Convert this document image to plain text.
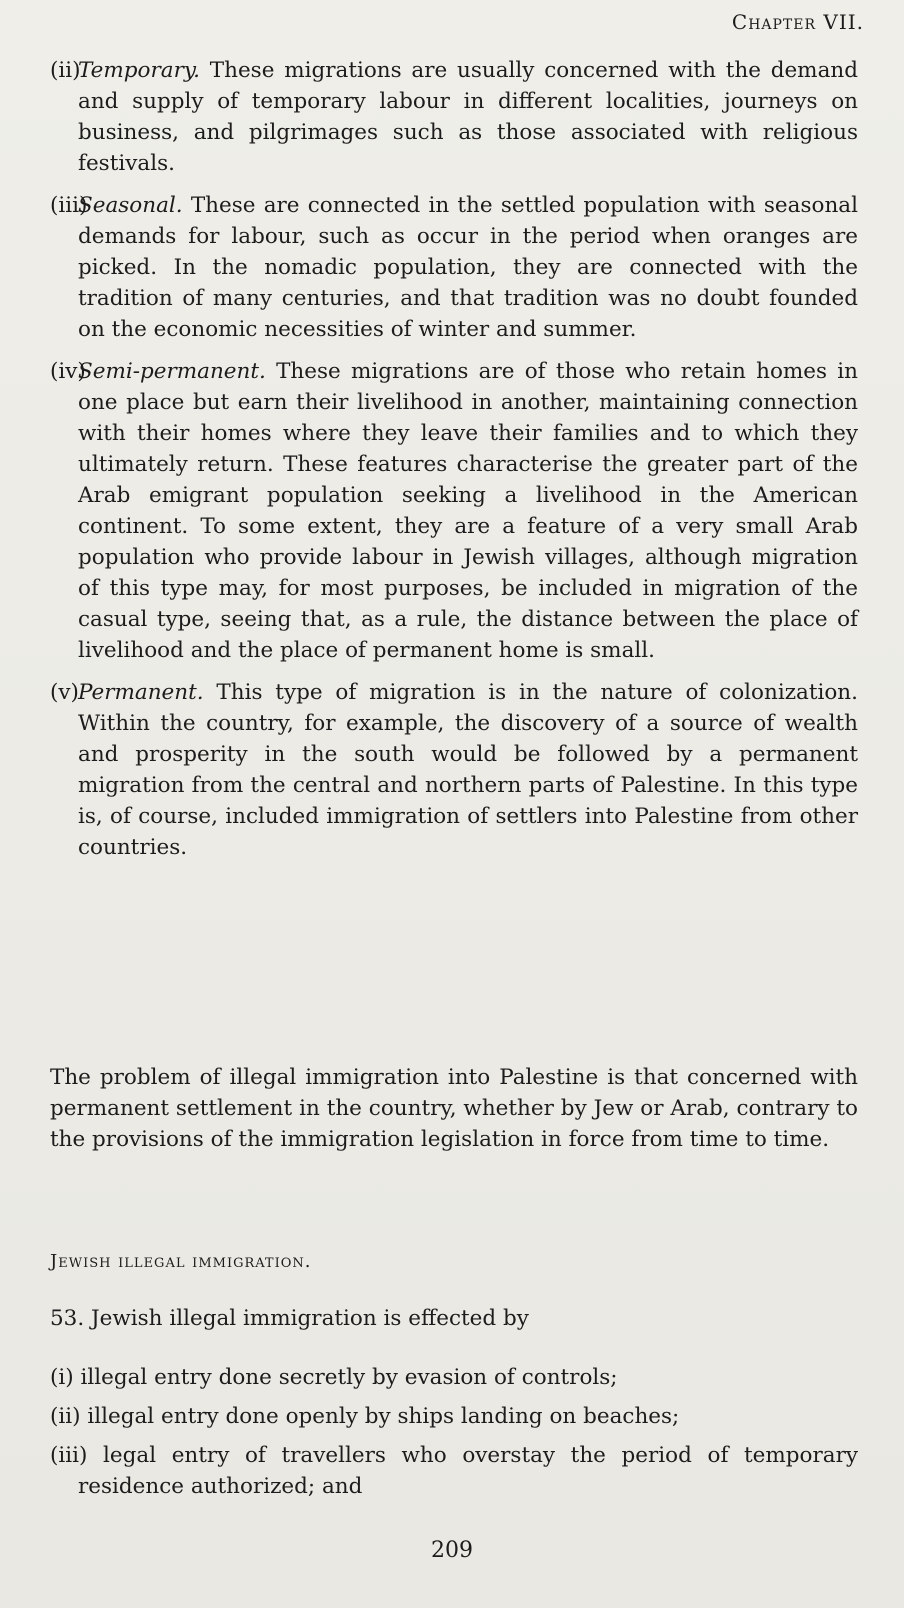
Chapter VII.
(ii)
Temporary. These migrations are usually concerned with the demand and supply of temporary labour in different localities, journeys on business, and pilgrimages such as those associated with religious festivals.
(iii)
Seasonal. These are connected in the settled population with seasonal demands for labour, such as occur in the period when oranges are picked. In the nomadic population, they are connected with the tradition of many centuries, and that tradition was no doubt founded on the economic necessities of winter and summer.
(iv)
Semi-permanent. These migrations are of those who retain homes in one place but earn their livelihood in another, maintaining connection with their homes where they leave their families and to which they ultimately return. These features characterise the greater part of the Arab emigrant population seeking a livelihood in the American continent. To some extent, they are a feature of a very small Arab population who provide labour in Jewish villages, although migration of this type may, for most purposes, be included in migration of the casual type, seeing that, as a rule, the distance between the place of livelihood and the place of permanent home is small.
(v) Permanent. This type of migration is in the nature of colonization. Within the country, for example, the discovery of a source of wealth and prosperity in the south would be followed by a permanent migration from the central and northern parts of Palestine. In this type is, of course, included immigration of settlers into Palestine from other countries.

The problem of illegal immigration into Palestine is that concerned with permanent settlement in the country, whether by Jew or Arab, contrary to the provisions of the immigration legislation in force from time to time.

Jewish illegal immigration.

53. Jewish illegal immigration is effected by

(i) illegal entry done secretly by evasion of controls;
(ii) illegal entry done openly by ships landing on beaches;
(iii) legal entry of travellers who overstay the period of temporary residence authorized; and
209
